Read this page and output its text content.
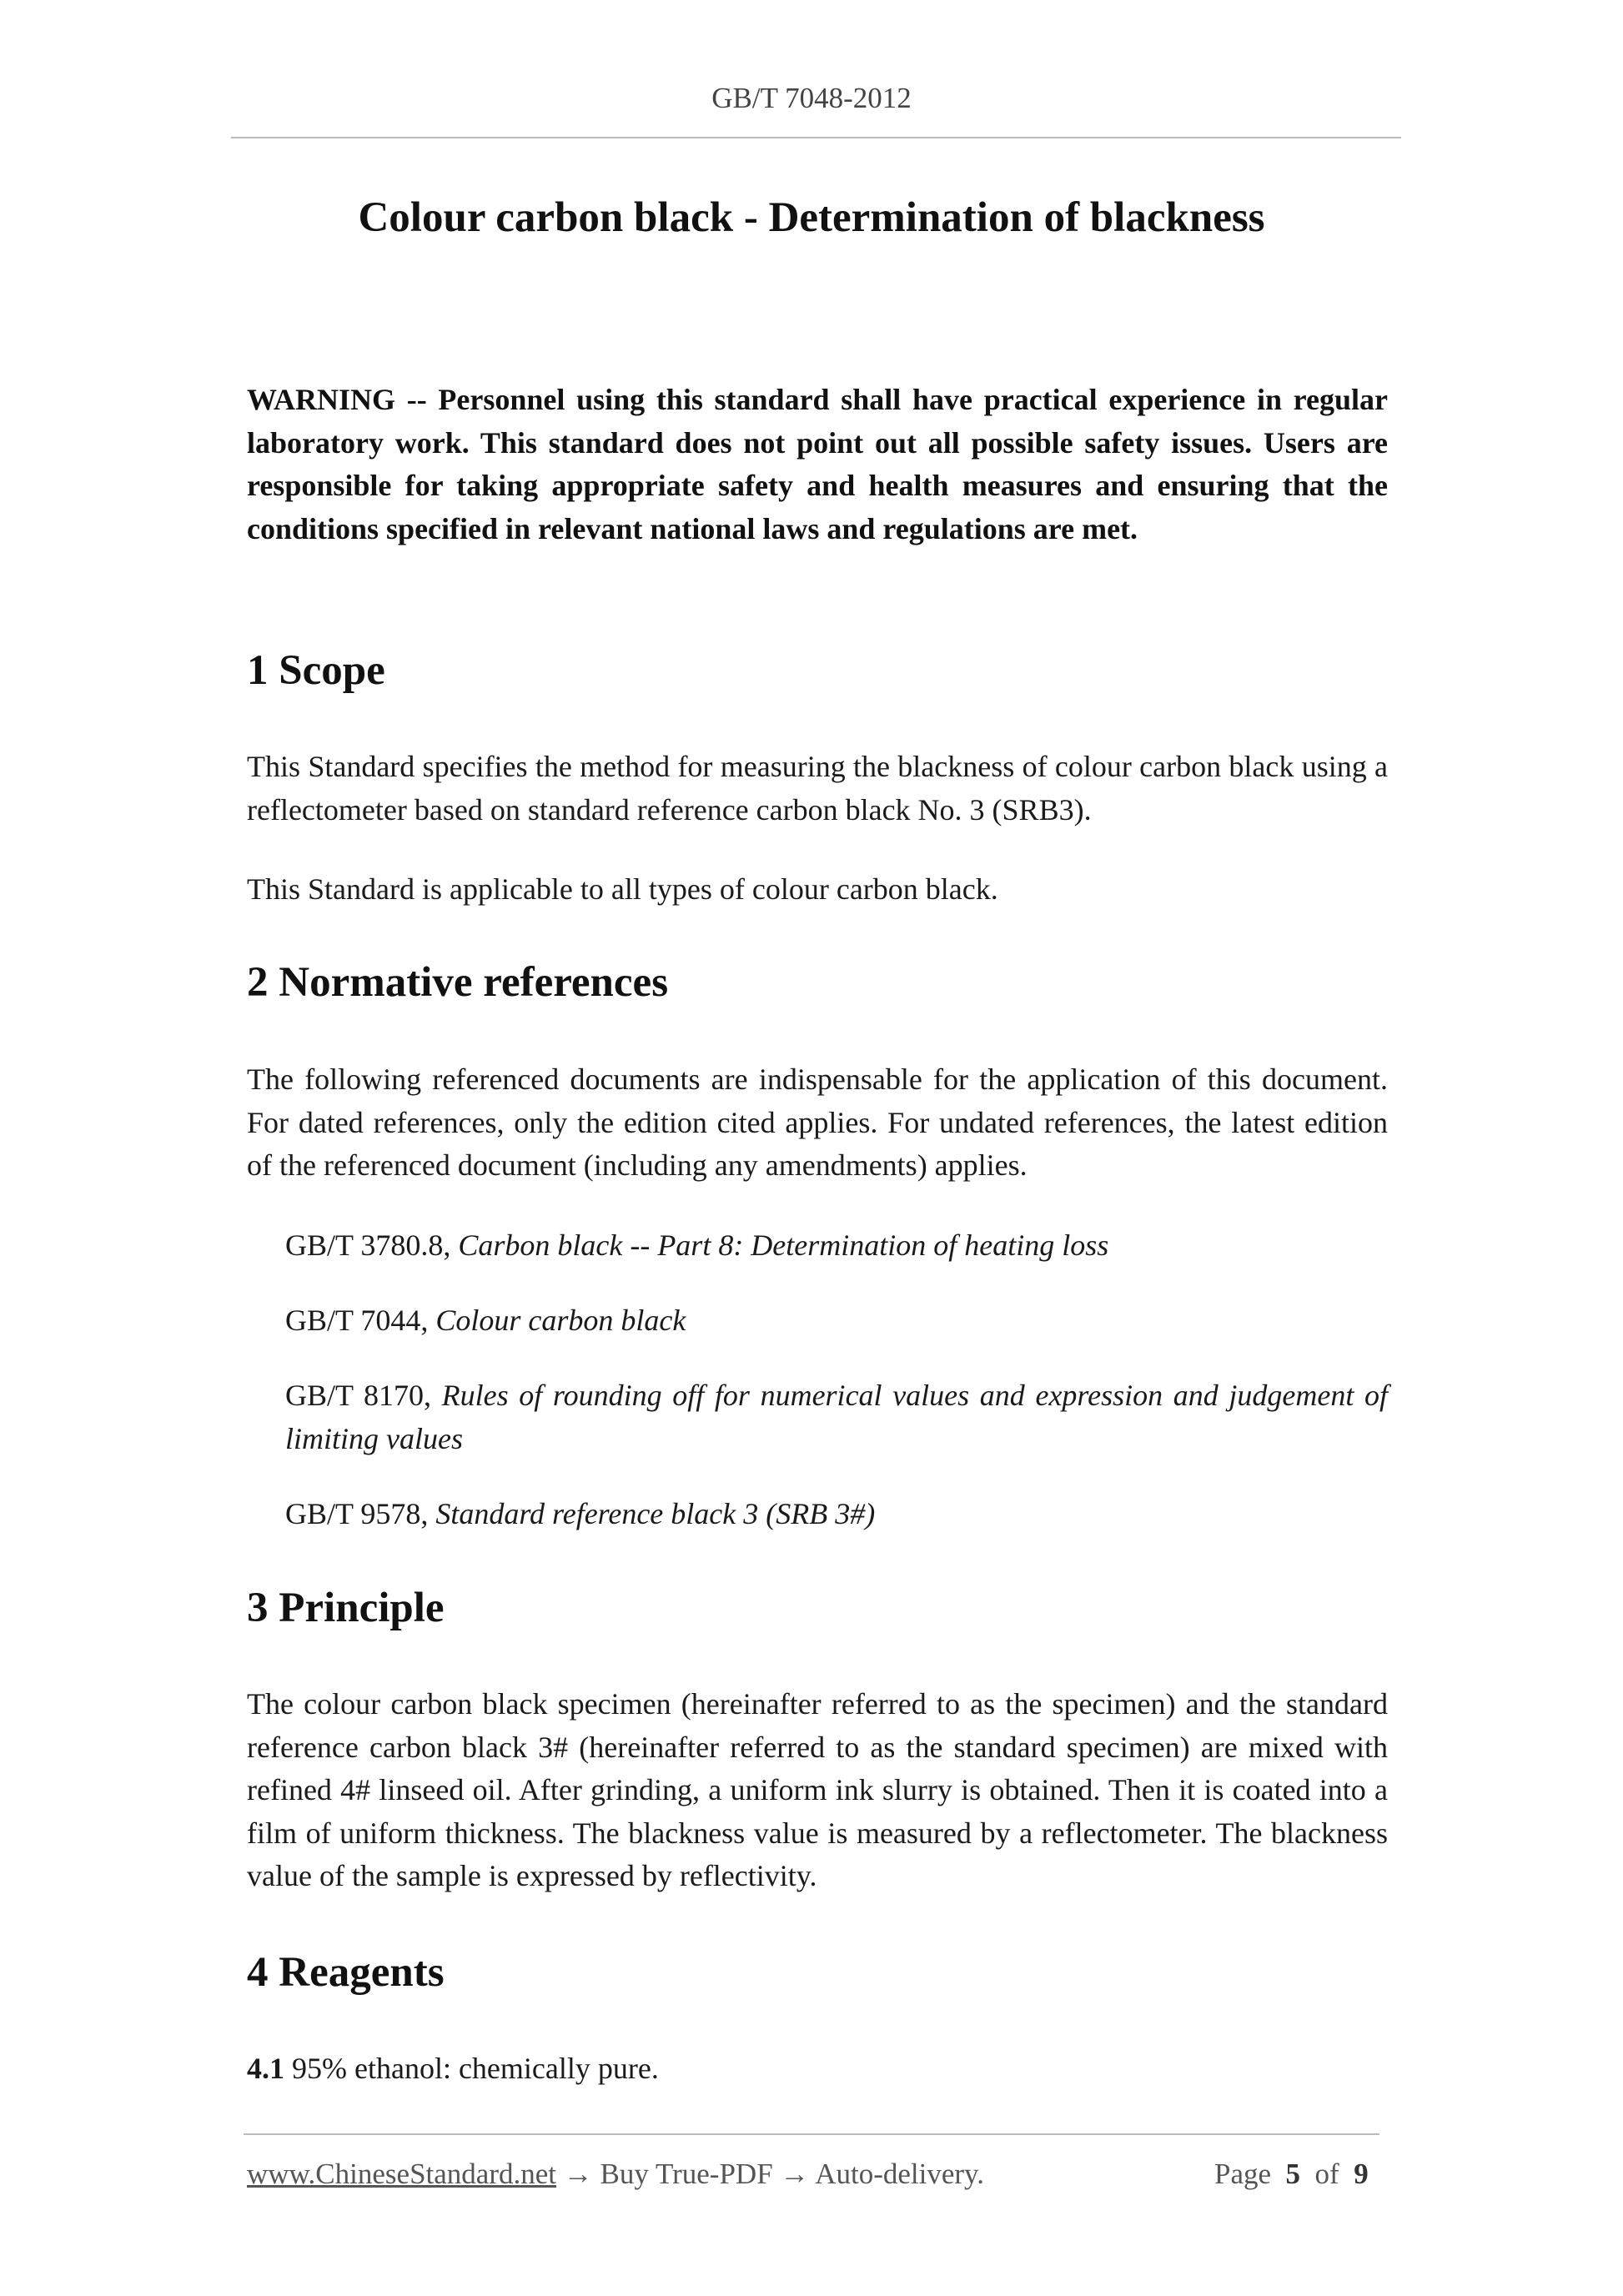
GB/T 7048-2012
Colour carbon black - Determination of blackness
WARNING -- Personnel using this standard shall have practical experience in regular laboratory work. This standard does not point out all possible safety issues. Users are responsible for taking appropriate safety and health measures and ensuring that the conditions specified in relevant national laws and regulations are met.
1 Scope
This Standard specifies the method for measuring the blackness of colour carbon black using a reflectometer based on standard reference carbon black No. 3 (SRB3).
This Standard is applicable to all types of colour carbon black.
2 Normative references
The following referenced documents are indispensable for the application of this document. For dated references, only the edition cited applies. For undated references, the latest edition of the referenced document (including any amendments) applies.
GB/T 3780.8, Carbon black -- Part 8: Determination of heating loss
GB/T 7044, Colour carbon black
GB/T 8170, Rules of rounding off for numerical values and expression and judgement of limiting values
GB/T 9578, Standard reference black 3 (SRB 3#)
3 Principle
The colour carbon black specimen (hereinafter referred to as the specimen) and the standard reference carbon black 3# (hereinafter referred to as the standard specimen) are mixed with refined 4# linseed oil. After grinding, a uniform ink slurry is obtained. Then it is coated into a film of uniform thickness. The blackness value is measured by a reflectometer. The blackness value of the sample is expressed by reflectivity.
4 Reagents
4.1 95% ethanol: chemically pure.
www.ChineseStandard.net → Buy True-PDF → Auto-delivery.	Page 5 of 9
